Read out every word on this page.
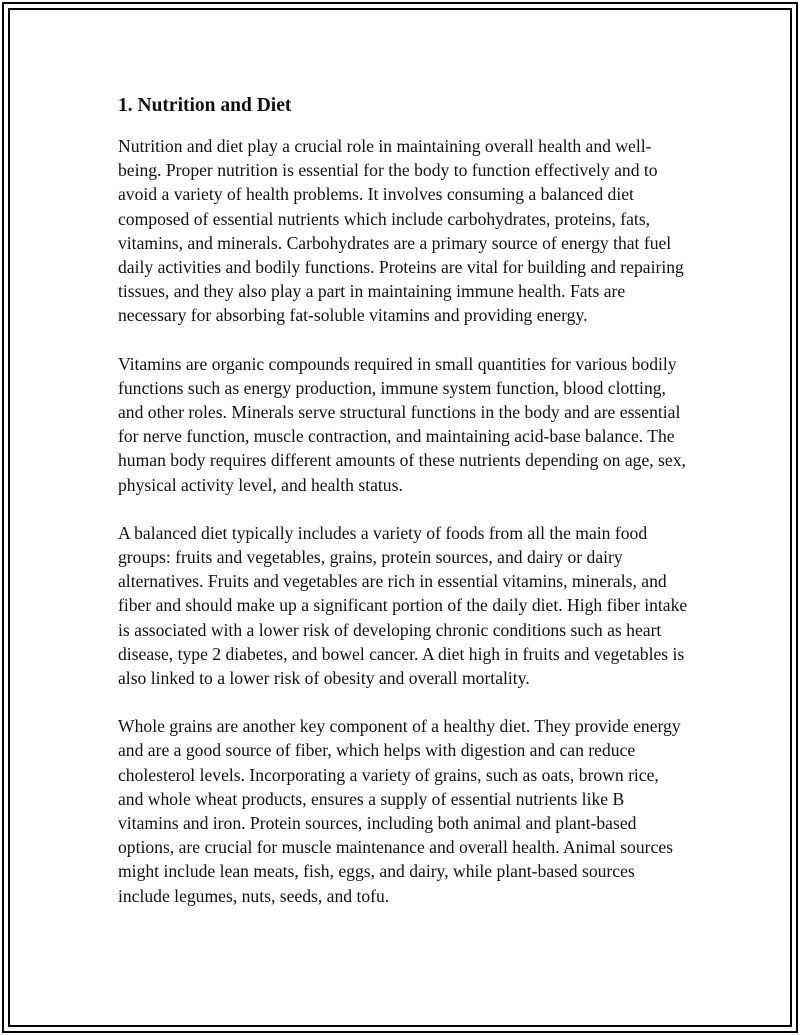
1. Nutrition and Diet

Nutrition and diet play a crucial role in maintaining overall health and well-being. Proper nutrition is essential for the body to function effectively and to avoid a variety of health problems. It involves consuming a balanced diet composed of essential nutrients which include carbohydrates, proteins, fats, vitamins, and minerals. Carbohydrates are a primary source of energy that fuel daily activities and bodily functions. Proteins are vital for building and repairing tissues, and they also play a part in maintaining immune health. Fats are necessary for absorbing fat-soluble vitamins and providing energy.

Vitamins are organic compounds required in small quantities for various bodily functions such as energy production, immune system function, blood clotting, and other roles. Minerals serve structural functions in the body and are essential for nerve function, muscle contraction, and maintaining acid-base balance. The human body requires different amounts of these nutrients depending on age, sex, physical activity level, and health status.

A balanced diet typically includes a variety of foods from all the main food groups: fruits and vegetables, grains, protein sources, and dairy or dairy alternatives. Fruits and vegetables are rich in essential vitamins, minerals, and fiber and should make up a significant portion of the daily diet. High fiber intake is associated with a lower risk of developing chronic conditions such as heart disease, type 2 diabetes, and bowel cancer. A diet high in fruits and vegetables is also linked to a lower risk of obesity and overall mortality.

Whole grains are another key component of a healthy diet. They provide energy and are a good source of fiber, which helps with digestion and can reduce cholesterol levels. Incorporating a variety of grains, such as oats, brown rice, and whole wheat products, ensures a supply of essential nutrients like B vitamins and iron. Protein sources, including both animal and plant-based options, are crucial for muscle maintenance and overall health. Animal sources might include lean meats, fish, eggs, and dairy, while plant-based sources include legumes, nuts, seeds, and tofu.
